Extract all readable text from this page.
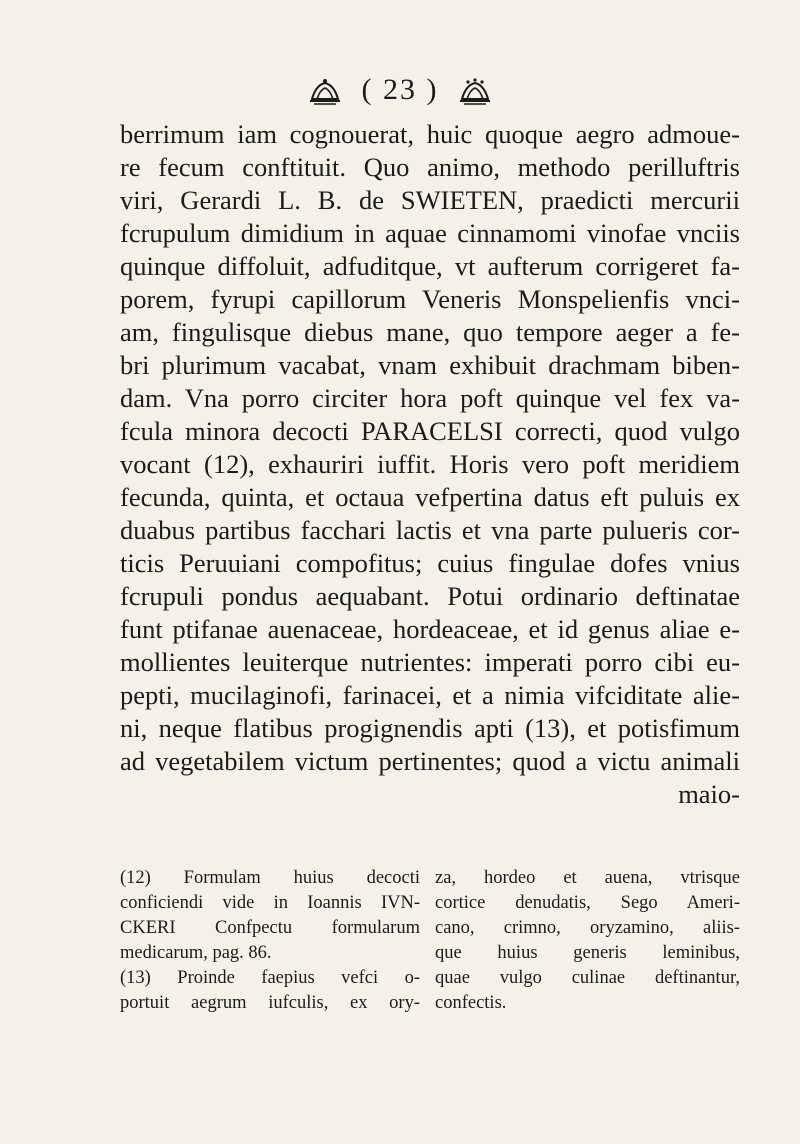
( 23 )
berrimum iam cognouerat, huic quoque aegro admoue-
re fecum conftituit. Quo animo, methodo perilluftris
viri, Gerardi L. B. de SWIETEN, praedicti mercurii
fcrupulum dimidium in aquae cinnamomi vinofae vnciis
quinque diffoluit, adfuditque, vt aufterum corrigeret fa-
porem, fyrupi capillorum Veneris Monspelienfis vnci-
am, fingulisque diebus mane, quo tempore aeger a fe-
bri plurimum vacabat, vnam exhibuit drachmam biben-
dam. Vna porro circiter hora poft quinque vel fex va-
fcula minora decocti PARACELSI correcti, quod vulgo
vocant (12), exhauriri iuffit. Horis vero poft meridiem
fecunda, quinta, et octaua vefpertina datus eft puluis ex
duabus partibus facchari lactis et vna parte pulueris cor-
ticis Peruuiani compofitus; cuius fingulae dofes vnius
fcrupuli pondus aequabant. Potui ordinario deftinatae
funt ptifanae auenaceae, hordeaceae, et id genus aliae e-
mollientes leuiterque nutrientes: imperati porro cibi eu-
pepti, mucilaginofi, farinacei, et a nimia vifciditate alie-
ni, neque flatibus progignendis apti (13), et potisfimum
ad vegetabilem victum pertinentes; quod a victu animali
maio-
(12) Formulam huius decocti
conficiendi vide in Ioannis IVN-
CKERI Confpectu formularum
medicarum, pag. 86.
(13) Proinde faepius vefci o-
portuit aegrum iufculis, ex ory-
za, hordeo et auena, vtrisque
cortice denudatis, Sego Ameri-
cano, crimno, oryzamino, aliis-
que huius generis leminibus,
quae vulgo culinae deftinantur,
confectis.
